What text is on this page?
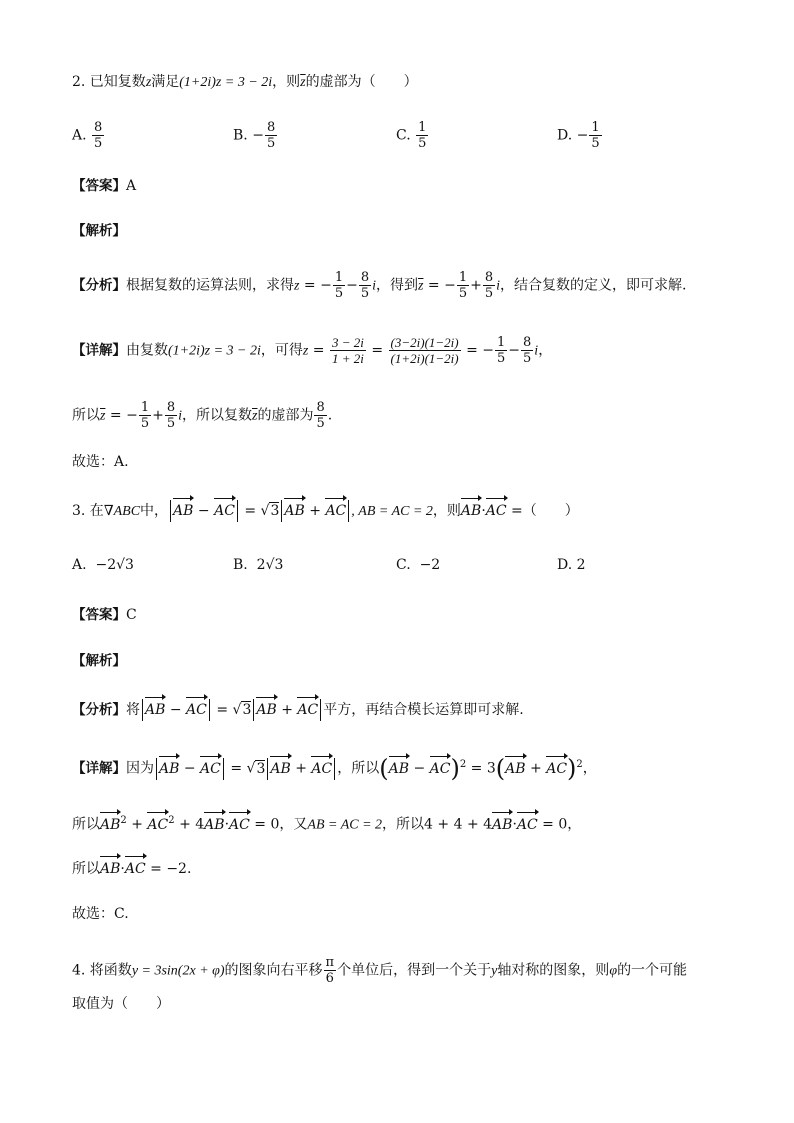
2. 已知复数z满足(1+2i)z = 3 − 2i，则$\overline{z}$的虚部为（　　）
A. $\frac{8}{5}$	B. − $\frac{8}{5}$	C. $\frac{1}{5}$	D. − $\frac{1}{5}$
【答案】A
【解析】
【分析】根据复数的运算法则，求得z = − $\frac{1}{5} - \frac{8}{5}$ i，得到$\overline{z}$ = − $\frac{1}{5} + \frac{8}{5}$ i，结合复数的定义，即可求解.
【详解】由复数(1+2i)z = 3 − 2i，可得$z = \frac{3 - 2i}{1 + 2i} = \frac{(3-2i)(1-2i)}{(1+2i)(1-2i)}$ = − $\frac{1}{5} - \frac{8}{5}$ i，
所以$\overline{z}$ = − $\frac{1}{5} + \frac{8}{5}$ i，所以复数$\overline{z}$的虚部为 $\frac{8}{5}$ .
故选：A.
3. 在∇ABC中， AB − AC = √3 AB + AC , AB = AC = 2，则AB·AC =（　　）
A. −2√3	B. 2√3	C. −2	D. 2
【答案】C
【解析】
【分析】将 AB − AC = √3 AB + AC 平方，再结合模长运算即可求解.
【详解】因为 AB − AC = √3 AB + AC ，所以(AB − AC)$^2$ = 3(AB + AC)$^2$，
所以$AB^2 + AC^2 + 4AB\cdot AC = 0$，又AB = AC = 2，所以4 + 4 + 4AB·AC = 0，
所以AB·AC = −2.
故选：C.
4. 将函数y = 3sin(2x + φ)的图象向右平移 $\frac{\pi}{6}$ 个单位后，得到一个关于y轴对称的图象，则φ的一个可能
取值为（　　）
